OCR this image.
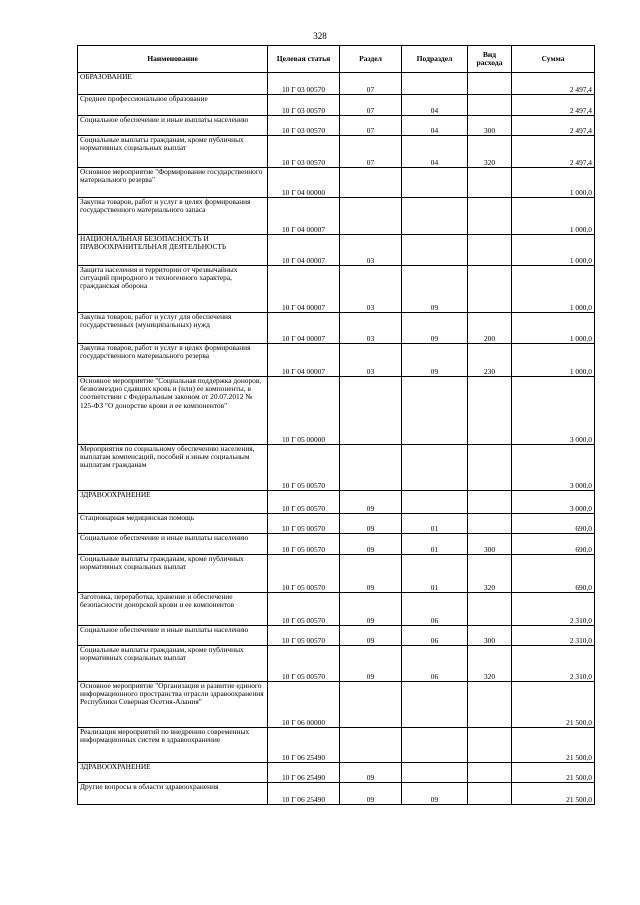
328
Наименование	Целевая статья	Раздел	Подраздел	Вид расхода	Сумма
ОБРАЗОВАНИЕ	10 Г 03 00570	07			2 497,4
Среднее профессиональное образование	10 Г 03 00570	07	04		2 497,4
Социальное обеспечение и иные выплаты населению	10 Г 03 00570	07	04	300	2 497,4
Социальные выплаты гражданам, кроме публичных нормативных социальных выплат	10 Г 03 00570	07	04	320	2 497,4
Основное мероприятие "Формирование государственного материального резерва"	10 Г 04 00000				1 000,0
Закупка товаров, работ и услуг в целях формирования государственного материального запаса	10 Г 04 00007				1 000,0
НАЦИОНАЛЬНАЯ БЕЗОПАСНОСТЬ И ПРАВООХРАНИТЕЛЬНАЯ ДЕЯТЕЛЬНОСТЬ	10 Г 04 00007	03			1 000,0
Защита населения и территории от чрезвычайных ситуаций природного и техногенного характера, гражданская оборона	10 Г 04 00007	03	09		1 000,0
Закупка товаров, работ и услуг для обеспечения государственных (муниципальных) нужд	10 Г 04 00007	03	09	200	1 000,0
Закупка товаров, работ и услуг в целях формирования государственного материального резерва	10 Г 04 00007	03	09	230	1 000,0
Основное мероприятие "Социальная поддержка доноров, безвозмездно сдавших кровь и (или) ее компоненты, в соответствии с Федеральным законом от 20.07.2012 № 125-ФЗ "О донорстве крови и ее компонентов"	10 Г 05 00000				3 000,0
Мероприятия по социальному обеспечению населения, выплатам компенсаций, пособий и иным социальным выплатам гражданам	10 Г 05 00570				3 000,0
ЗДРАВООХРАНЕНИЕ	10 Г 05 00570	09			3 000,0
Стационарная медицинская помощь	10 Г 05 00570	09	01		690,0
Социальное обеспечение и иные выплаты населению	10 Г 05 00570	09	01	300	690,0
Социальные выплаты гражданам, кроме публичных нормативных социальных выплат	10 Г 05 00570	09	01	320	690,0
Заготовка, переработка, хранение и обеспечение безопасности донорской крови и ее компонентов	10 Г 05 00570	09	06		2 310,0
Социальное обеспечение и иные выплаты населению	10 Г 05 00570	09	06	300	2 310,0
Социальные выплаты гражданам, кроме публичных нормативных социальных выплат	10 Г 05 00570	09	06	320	2 310,0
Основное мероприятие "Организация и развитие единого информационного пространства отрасли здравоохранения Республики Северная Осетия-Алания"	10 Г 06 00000				21 500,0
Реализация мероприятий по внедрению современных информационных систем в здравоохранение	10 Г 06 25490				21 500,0
ЗДРАВООХРАНЕНИЕ	10 Г 06 25490	09			21 500,0
Другие вопросы в области здравоохранения	10 Г 06 25490	09	09		21 500,0
